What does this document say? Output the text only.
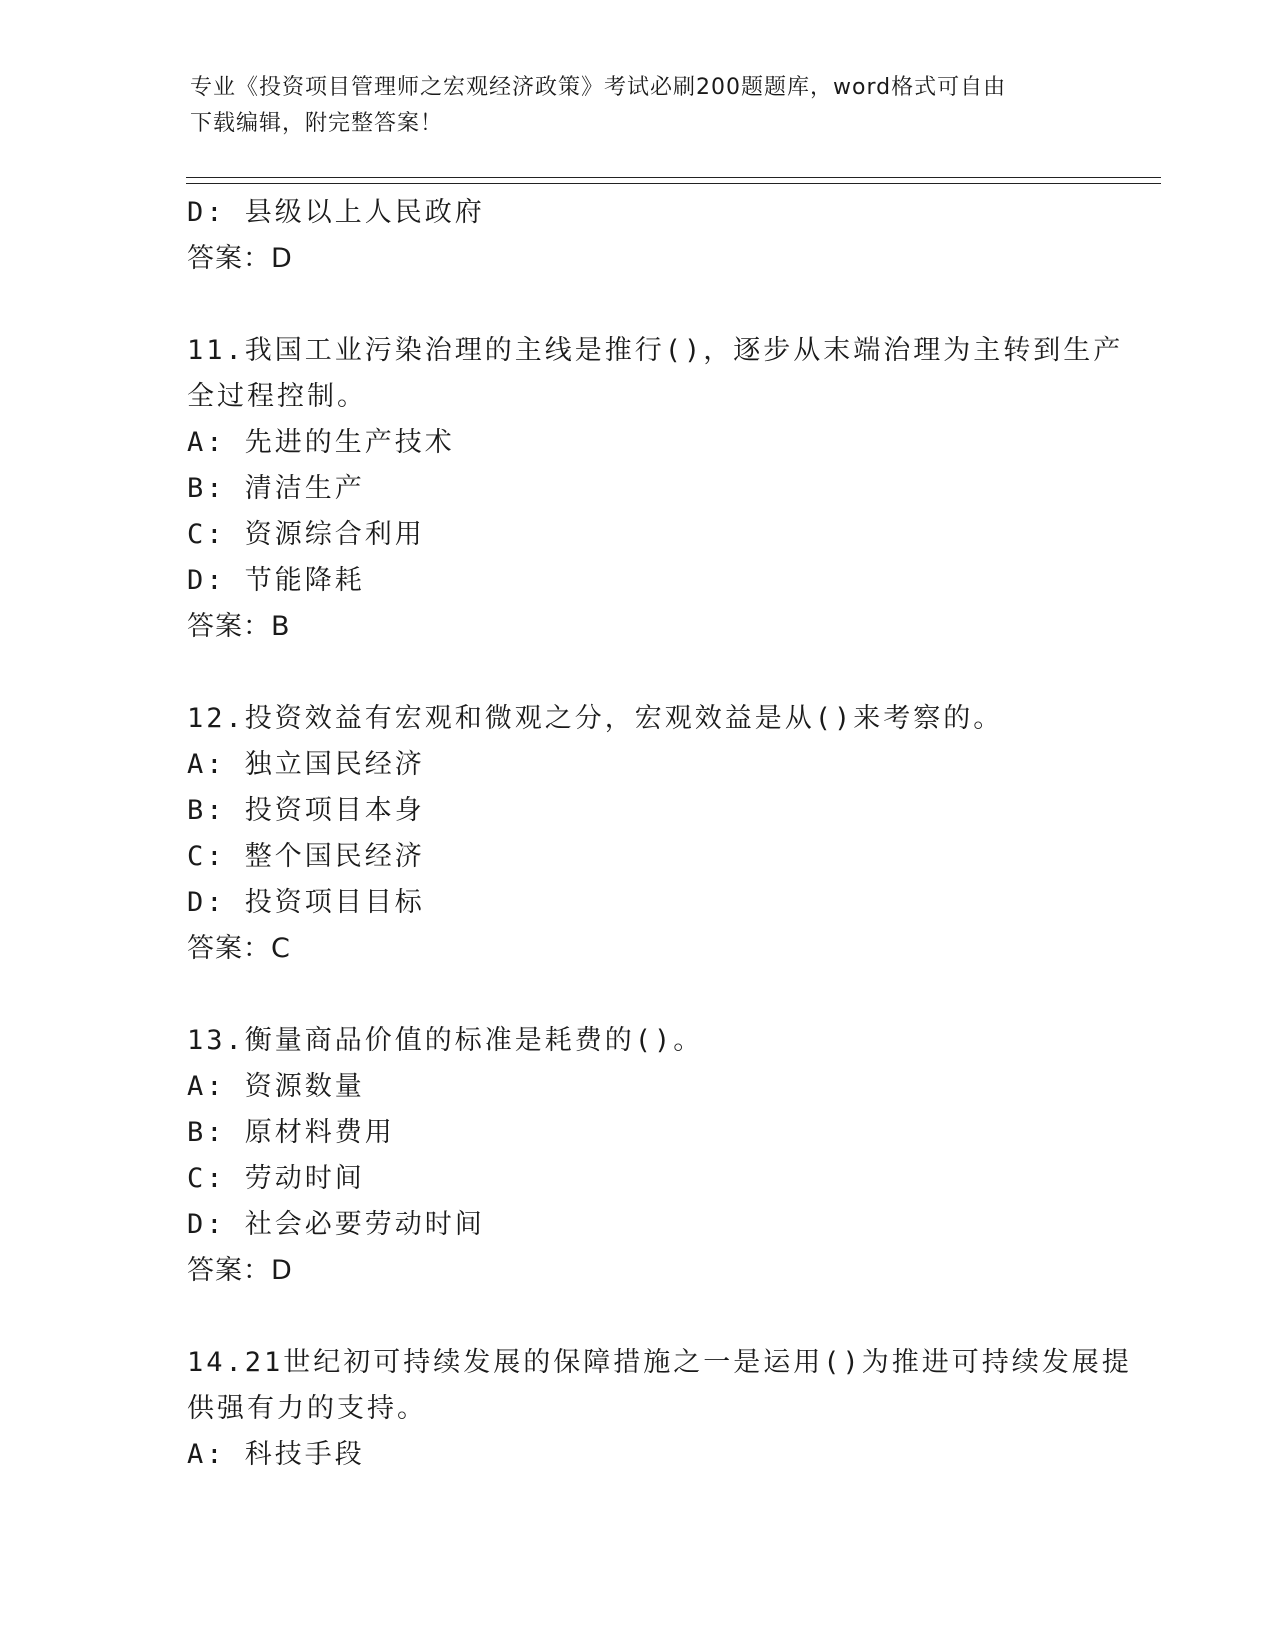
专业《投资项目管理师之宏观经济政策》考试必刷200题题库，word格式可自由
下载编辑，附完整答案！
D: 县级以上人民政府
答案：D
11.我国工业污染治理的主线是推行()，逐步从末端治理为主转到生产
全过程控制。
A: 先进的生产技术
B: 清洁生产
C: 资源综合利用
D: 节能降耗
答案：B
12.投资效益有宏观和微观之分，宏观效益是从()来考察的。
A: 独立国民经济
B: 投资项目本身
C: 整个国民经济
D: 投资项目目标
答案：C
13.衡量商品价值的标准是耗费的()。
A: 资源数量
B: 原材料费用
C: 劳动时间
D: 社会必要劳动时间
答案：D
14.21世纪初可持续发展的保障措施之一是运用()为推进可持续发展提
供强有力的支持。
A: 科技手段
